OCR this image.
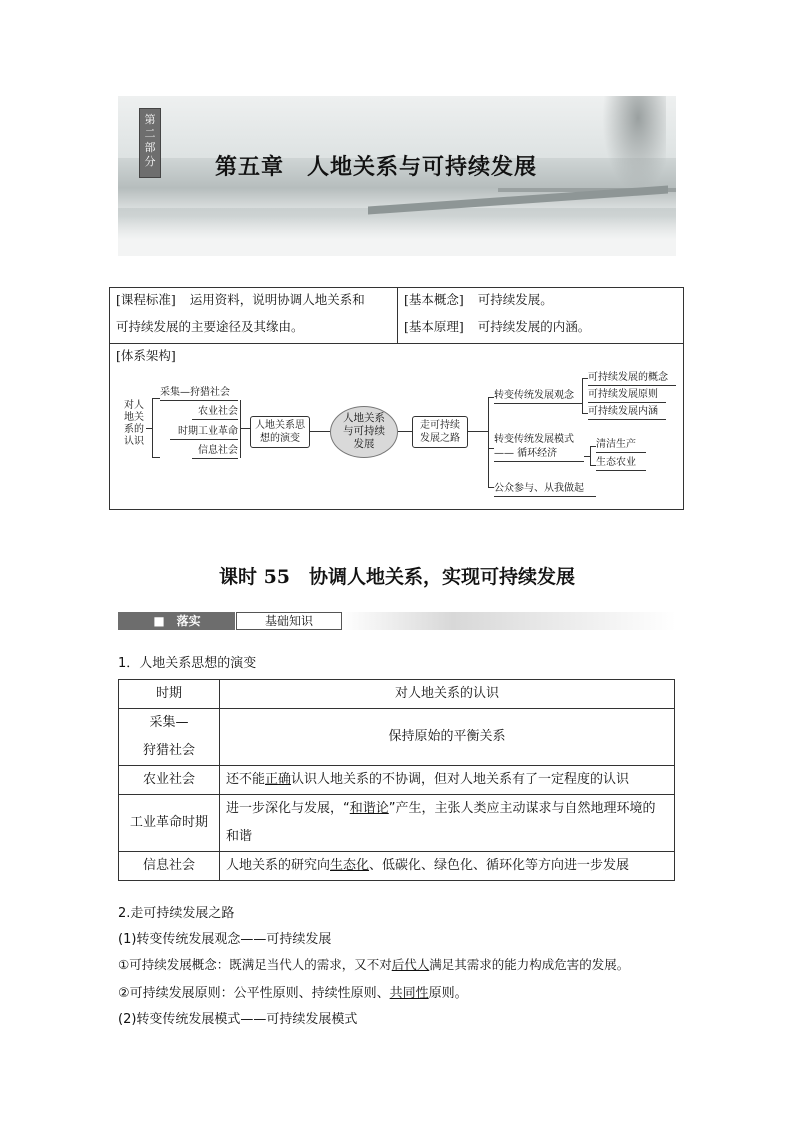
第二部分	第五章　人地关系与可持续发展
[课程标准] 运用资料，说明协调人地关系和
可持续发展的主要途径及其缘由。
[基本概念] 可持续发展。
[基本原理] 可持续发展的内涵。
[体系架构]
对人
地关
系的
认识
采集—狩猎社会
农业社会
时期工业革命
信息社会
人地关系思
想的演变
人地关系
与可持续
发展
走可持续
发展之路
转变传统发展观念
可持续发展的概念
可持续发展原则
可持续发展内涵
转变传统发展模式
—— 循环经济
清洁生产
生态农业
公众参与、从我做起
课时 55　协调人地关系，实现可持续发展
■　落实	基础知识
1．人地关系思想的演变
时期	对人地关系的认识

采集—
狩猎社会	保持原始的平衡关系
农业社会	还不能正确认识人地关系的不协调，但对人地关系有了一定程度的认识
工业革命时期	进一步深化与发展，“和谐论”产生，主张人类应主动谋求与自然地理环境的和谐
信息社会	人地关系的研究向生态化、低碳化、绿色化、循环化等方向进一步发展
2.走可持续发展之路
(1)转变传统发展观念——可持续发展
①可持续发展概念：既满足当代人的需求，又不对后代人满足其需求的能力构成危害的发展。
②可持续发展原则：公平性原则、持续性原则、共同性原则。
(2)转变传统发展模式——可持续发展模式
